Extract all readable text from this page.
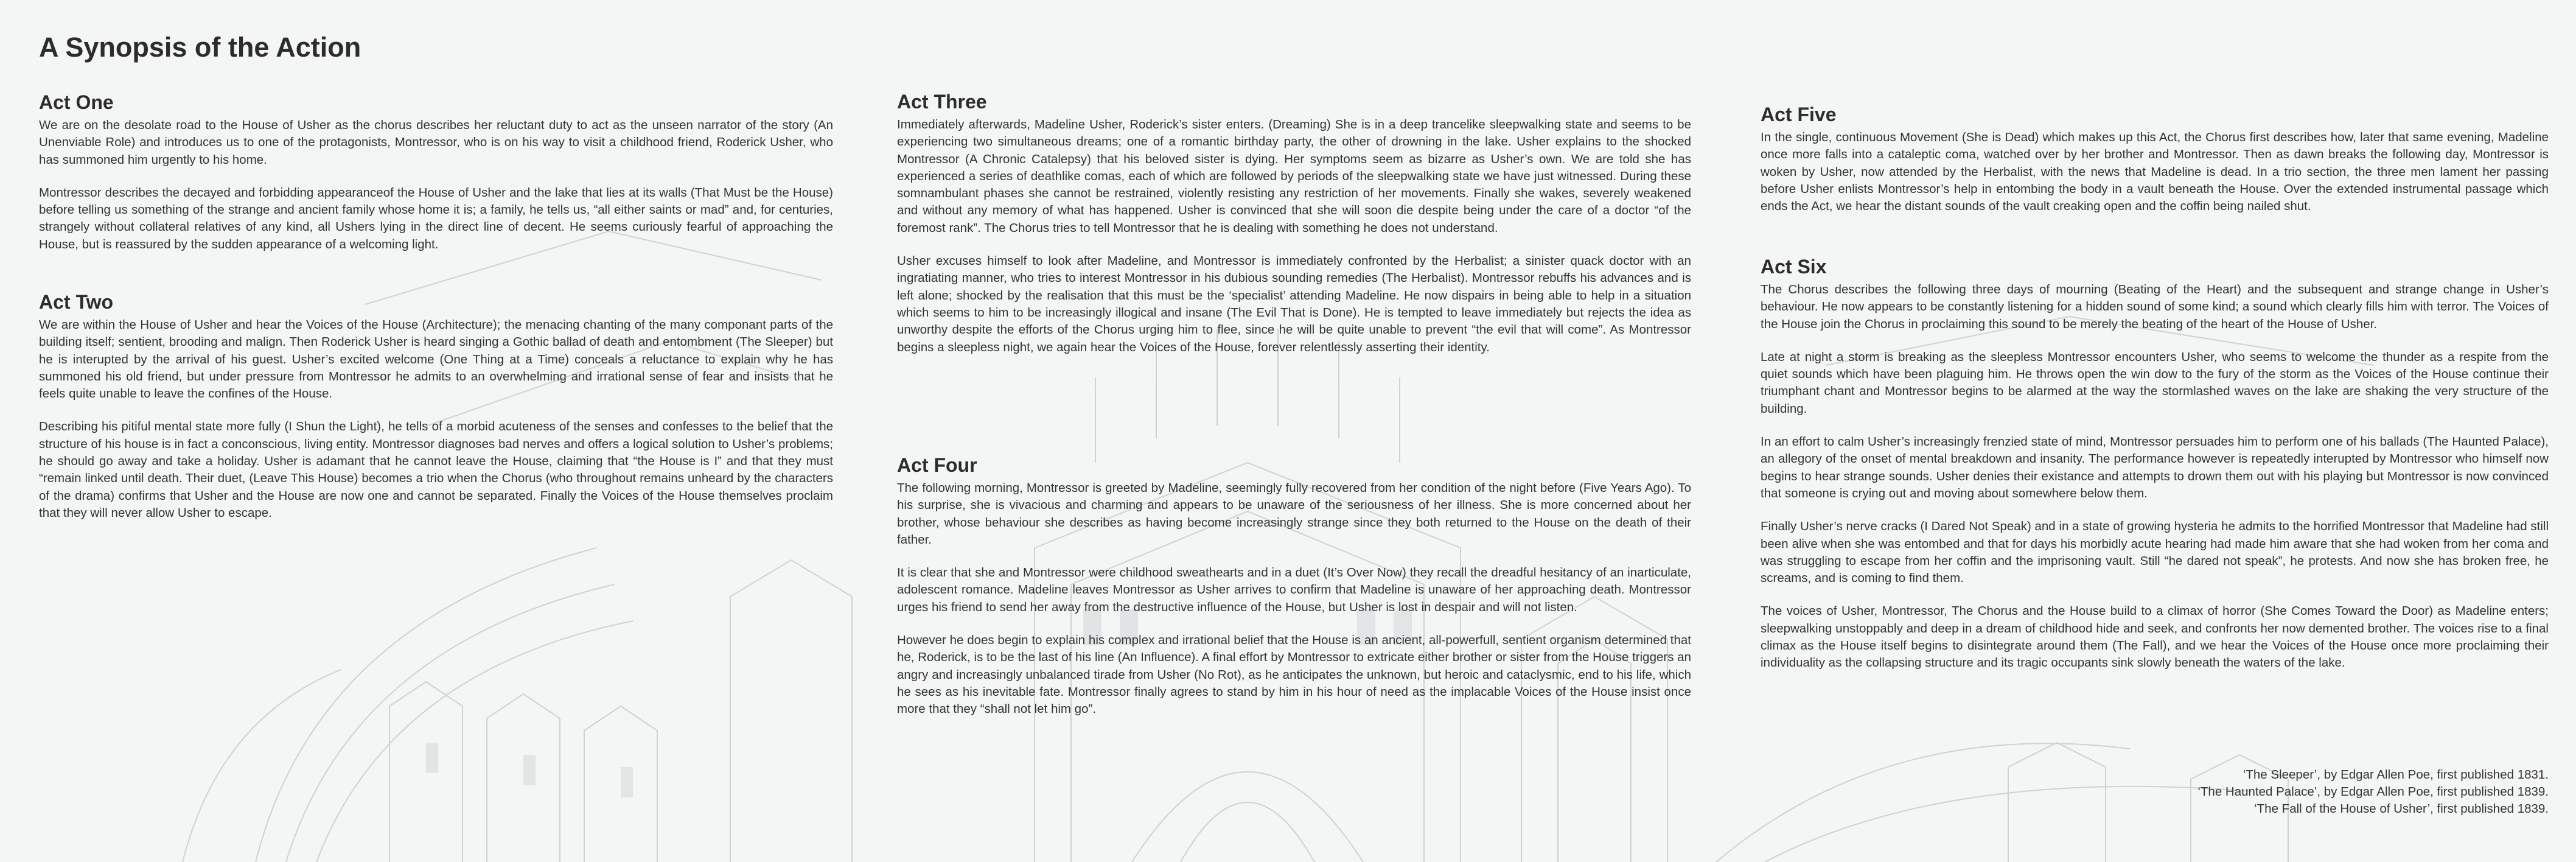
A Synopsis of the Action
Act One

We are on the desolate road to the House of Usher as the chorus describes her reluctant duty to act as the unseen narrator of the story (An Unenviable Role) and introduces us to one of the protagonists, Montressor, who is on his way to visit a childhood friend, Roderick Usher, who has summoned him urgently to his home.

Montressor describes the decayed and forbidding appearanceof the House of Usher and the lake that lies at its walls (That Must be the House) before telling us something of the strange and ancient family whose home it is; a family, he tells us, “all either saints or mad” and, for centuries, strangely without collateral relatives of any kind, all Ushers lying in the direct line of decent. He seems curiously fearful of approaching the House, but is reassured by the sudden appearance of a welcoming light.

Act Two

We are within the House of Usher and hear the Voices of the House (Architecture); the menacing chanting of the many componant parts of the building itself; sentient, brooding and malign. Then Roderick Usher is heard singing a Gothic ballad of death and entombment (The Sleeper) but he is interupted by the arrival of his guest. Usher’s excited welcome (One Thing at a Time) conceals a reluctance to explain why he has summoned his old friend, but under pressure from Montressor he admits to an overwhelming and irrational sense of fear and insists that he feels quite unable to leave the confines of the House.

Describing his pitiful mental state more fully (I Shun the Light), he tells of a morbid acuteness of the senses and confesses to the belief that the structure of his house is in fact a conconscious, living entity. Montressor diagnoses bad nerves and offers a logical solution to Usher’s problems; he should go away and take a holiday. Usher is adamant that he cannot leave the House, claiming that “the House is I” and that they must “remain linked until death. Their duet, (Leave This House) becomes a trio when the Chorus (who throughout remains unheard by the characters of the drama) confirms that Usher and the House are now one and cannot be separated. Finally the Voices of the House themselves proclaim that they will never allow Usher to escape.

Act Three

Immediately afterwards, Madeline Usher, Roderick’s sister enters. (Dreaming) She is in a deep trancelike sleepwalking state and seems to be experiencing two simultaneous dreams; one of a romantic birthday party, the other of drowning in the lake. Usher explains to the shocked Montressor (A Chronic Catalepsy) that his beloved sister is dying. Her symptoms seem as bizarre as Usher’s own. We are told she has experienced a series of deathlike comas, each of which are followed by periods of the sleepwalking state we have just witnessed. During these somnambulant phases she cannot be restrained, violently resisting any restriction of her movements. Finally she wakes, severely weakened and without any memory of what has happened. Usher is convinced that she will soon die despite being under the care of a doctor “of the foremost rank”. The Chorus tries to tell Montressor that he is dealing with something he does not understand.

Usher excuses himself to look after Madeline, and Montressor is immediately confronted by the Herbalist; a sinister quack doctor with an ingratiating manner, who tries to interest Montressor in his dubious sounding remedies (The Herbalist). Montressor rebuffs his advances and is left alone; shocked by the realisation that this must be the ‘specialist’ attending Madeline. He now dispairs in being able to help in a situation which seems to him to be increasingly illogical and insane (The Evil That is Done). He is tempted to leave immediately but rejects the idea as unworthy despite the efforts of the Chorus urging him to flee, since he will be quite unable to prevent “the evil that will come”. As Montressor begins a sleepless night, we again hear the Voices of the House, forever relentlessly asserting their identity.

Act Four

The following morning, Montressor is greeted by Madeline, seemingly fully recovered from her condition of the night before (Five Years Ago). To his surprise, she is vivacious and charming and appears to be unaware of the seriousness of her illness. She is more concerned about her brother, whose behaviour she describes as having become increasingly strange since they both returned to the House on the death of their father.

It is clear that she and Montressor were childhood sweathearts and in a duet (It’s Over Now) they recall the dreadful hesitancy of an inarticulate, adolescent romance. Madeline leaves Montressor as Usher arrives to confirm that Madeline is unaware of her approaching death. Montressor urges his friend to send her away from the destructive influence of the House, but Usher is lost in despair and will not listen.

However he does begin to explain his complex and irrational belief that the House is an ancient, all-powerfull, sentient organism determined that he, Roderick, is to be the last of his line (An Influence). A final effort by Montressor to extricate either brother or sister from the House triggers an angry and increasingly unbalanced tirade from Usher (No Rot), as he anticipates the unknown, but heroic and cataclysmic, end to his life, which he sees as his inevitable fate. Montressor finally agrees to stand by him in his hour of need as the implacable Voices of the House insist once more that they “shall not let him go”.

Act Five

In the single, continuous Movement (She is Dead) which makes up this Act, the Chorus first describes how, later that same evening, Madeline once more falls into a cataleptic coma, watched over by her brother and Montressor. Then as dawn breaks the following day, Montressor is woken by Usher, now attended by the Herbalist, with the news that Madeline is dead. In a trio section, the three men lament her passing before Usher enlists Montressor’s help in entombing the body in a vault beneath the House. Over the extended instrumental passage which ends the Act, we hear the distant sounds of the vault creaking open and the coffin being nailed shut.

Act Six

The Chorus describes the following three days of mourning (Beating of the Heart) and the subsequent and strange change in Usher’s behaviour. He now appears to be constantly listening for a hidden sound of some kind; a sound which clearly fills him with terror. The Voices of the House join the Chorus in proclaiming this sound to be merely the beating of the heart of the House of Usher.

Late at night a storm is breaking as the sleepless Montressor encounters Usher, who seems to welcome the thunder as a respite from the quiet sounds which have been plaguing him. He throws open the win dow to the fury of the storm as the Voices of the House continue their triumphant chant and Montressor begins to be alarmed at the way the stormlashed waves on the lake are shaking the very structure of the building.

In an effort to calm Usher’s increasingly frenzied state of mind, Montressor persuades him to perform one of his ballads (The Haunted Palace), an allegory of the onset of mental breakdown and insanity. The performance however is repeatedly interupted by Montressor who himself now begins to hear strange sounds. Usher denies their existance and attempts to drown them out with his playing but Montressor is now convinced that someone is crying out and moving about somewhere below them.

Finally Usher’s nerve cracks (I Dared Not Speak) and in a state of growing hysteria he admits to the horrified Montressor that Madeline had still been alive when she was entombed and that for days his morbidly acute hearing had made him aware that she had woken from her coma and was struggling to escape from her coffin and the imprisoning vault. Still “he dared not speak”, he protests. And now she has broken free, he screams, and is coming to find them.

The voices of Usher, Montressor, The Chorus and the House build to a climax of horror (She Comes Toward the Door) as Madeline enters; sleepwalking unstoppably and deep in a dream of childhood hide and seek, and confronts her now demented brother. The voices rise to a final climax as the House itself begins to disintegrate around them (The Fall), and we hear the Voices of the House once more proclaiming their individuality as the collapsing structure and its tragic occupants sink slowly beneath the waters of the lake.

‘The Sleeper’, by Edgar Allen Poe, first published 1831.
‘The Haunted Palace’, by Edgar Allen Poe, first published 1839.
‘The Fall of the House of Usher’, first published 1839.
